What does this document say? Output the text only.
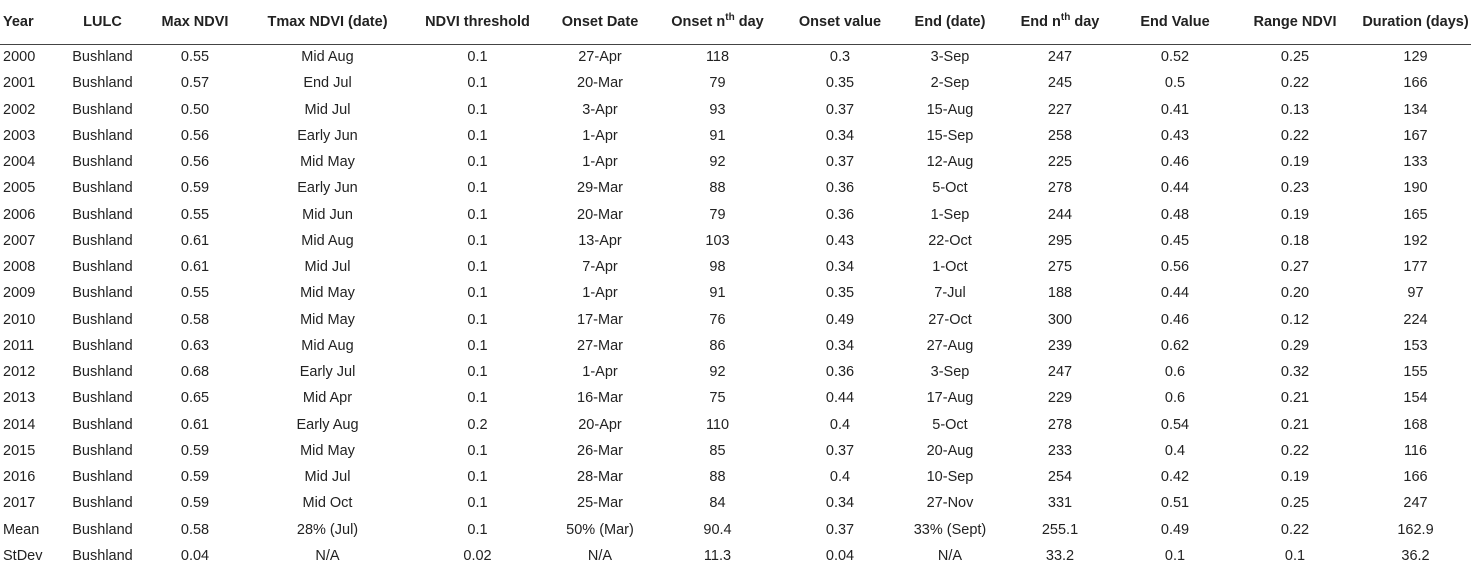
Year	LULC	Max NDVI	Tmax NDVI (date)	NDVI threshold	Onset Date	Onset $n^{th}$ day	Onset value	End (date)	End $n^{th}$ day	End Value	Range NDVI	Duration (days)
2000	Bushland	0.55	Mid Aug	0.1	27-Apr	118	0.3	3-Sep	247	0.52	0.25	129
2001	Bushland	0.57	End Jul	0.1	20-Mar	79	0.35	2-Sep	245	0.5	0.22	166
2002	Bushland	0.50	Mid Jul	0.1	3-Apr	93	0.37	15-Aug	227	0.41	0.13	134
2003	Bushland	0.56	Early Jun	0.1	1-Apr	91	0.34	15-Sep	258	0.43	0.22	167
2004	Bushland	0.56	Mid May	0.1	1-Apr	92	0.37	12-Aug	225	0.46	0.19	133
2005	Bushland	0.59	Early Jun	0.1	29-Mar	88	0.36	5-Oct	278	0.44	0.23	190
2006	Bushland	0.55	Mid Jun	0.1	20-Mar	79	0.36	1-Sep	244	0.48	0.19	165
2007	Bushland	0.61	Mid Aug	0.1	13-Apr	103	0.43	22-Oct	295	0.45	0.18	192
2008	Bushland	0.61	Mid Jul	0.1	7-Apr	98	0.34	1-Oct	275	0.56	0.27	177
2009	Bushland	0.55	Mid May	0.1	1-Apr	91	0.35	7-Jul	188	0.44	0.20	97
2010	Bushland	0.58	Mid May	0.1	17-Mar	76	0.49	27-Oct	300	0.46	0.12	224
2011	Bushland	0.63	Mid Aug	0.1	27-Mar	86	0.34	27-Aug	239	0.62	0.29	153
2012	Bushland	0.68	Early Jul	0.1	1-Apr	92	0.36	3-Sep	247	0.6	0.32	155
2013	Bushland	0.65	Mid Apr	0.1	16-Mar	75	0.44	17-Aug	229	0.6	0.21	154
2014	Bushland	0.61	Early Aug	0.2	20-Apr	110	0.4	5-Oct	278	0.54	0.21	168
2015	Bushland	0.59	Mid May	0.1	26-Mar	85	0.37	20-Aug	233	0.4	0.22	116
2016	Bushland	0.59	Mid Jul	0.1	28-Mar	88	0.4	10-Sep	254	0.42	0.19	166
2017	Bushland	0.59	Mid Oct	0.1	25-Mar	84	0.34	27-Nov	331	0.51	0.25	247
Mean	Bushland	0.58	28% (Jul)	0.1	50% (Mar)	90.4	0.37	33% (Sept)	255.1	0.49	0.22	162.9
StDev	Bushland	0.04	N/A	0.02	N/A	11.3	0.04	N/A	33.2	0.1	0.1	36.2
